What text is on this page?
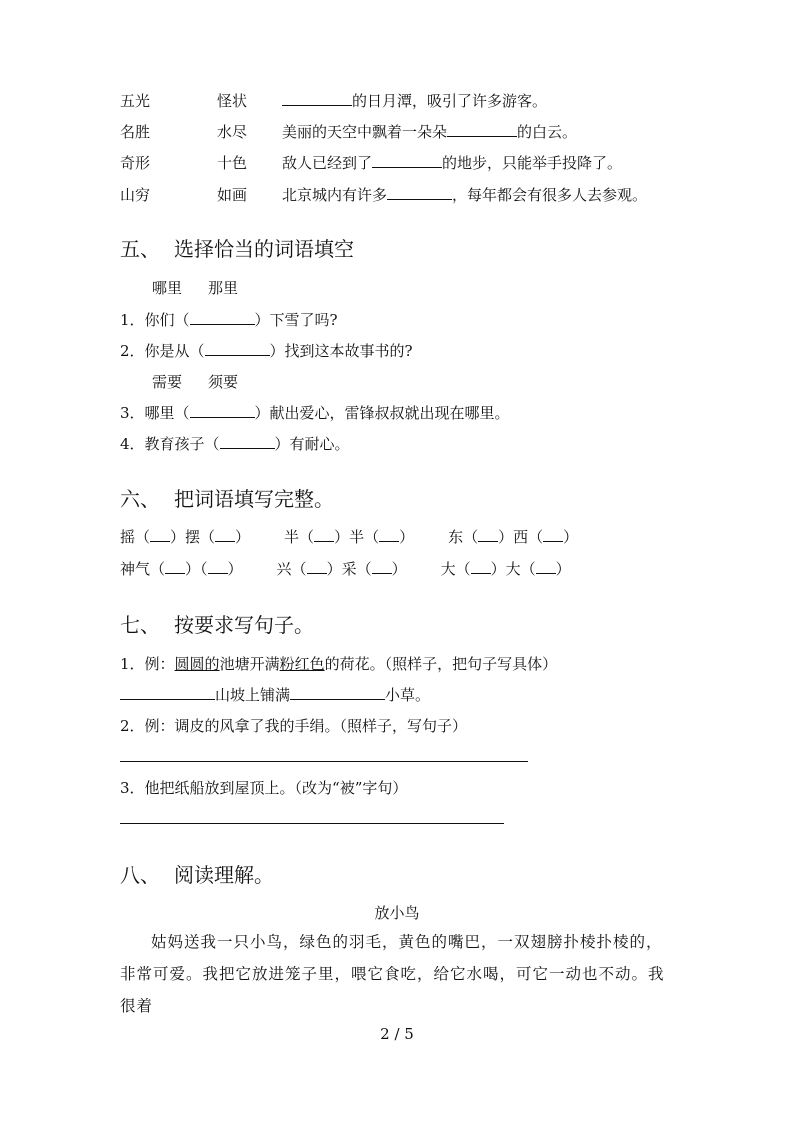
五光	怪状	的日月潭，吸引了许多游客。
名胜	水尽 美丽的天空中飘着一朵朵	的白云。
奇形	十色 敌人已经到了	的地步，只能举手投降了。
山穷	如画 北京城内有许多	，每年都会有很多人去参观。
五、 选择恰当的词语填空
哪里 那里
1．你们（	）下雪了吗?
2．你是从（	）找到这本故事书的?
需要 须要
3．哪里（	）献出爱心，雷锋叔叔就出现在哪里。
4．教育孩子（	）有耐心。
六、 把词语填写完整。
摇（ ）摆（ ） 半（ ）半（ ） 东（ ）西（ ）
神气（ ）（ ） 兴（ ）采（ ） 大（ ）大（ ）
七、 按要求写句子。
1．例：圆圆的池塘开满粉红色的荷花。（照样子，把句子写具体）
山坡上铺满	小草。
2．例：调皮的风拿了我的手绢。（照样子，写句子）
3．他把纸船放到屋顶上。（改为“被”字句）
八、 阅读理解。
放小鸟

姑妈送我一只小鸟，绿色的羽毛，黄色的嘴巴，一双翅膀扑棱扑棱的，非常可爱。我把它放进笼子里，喂它食吃，给它水喝，可它一动也不动。我很着

2 / 5
